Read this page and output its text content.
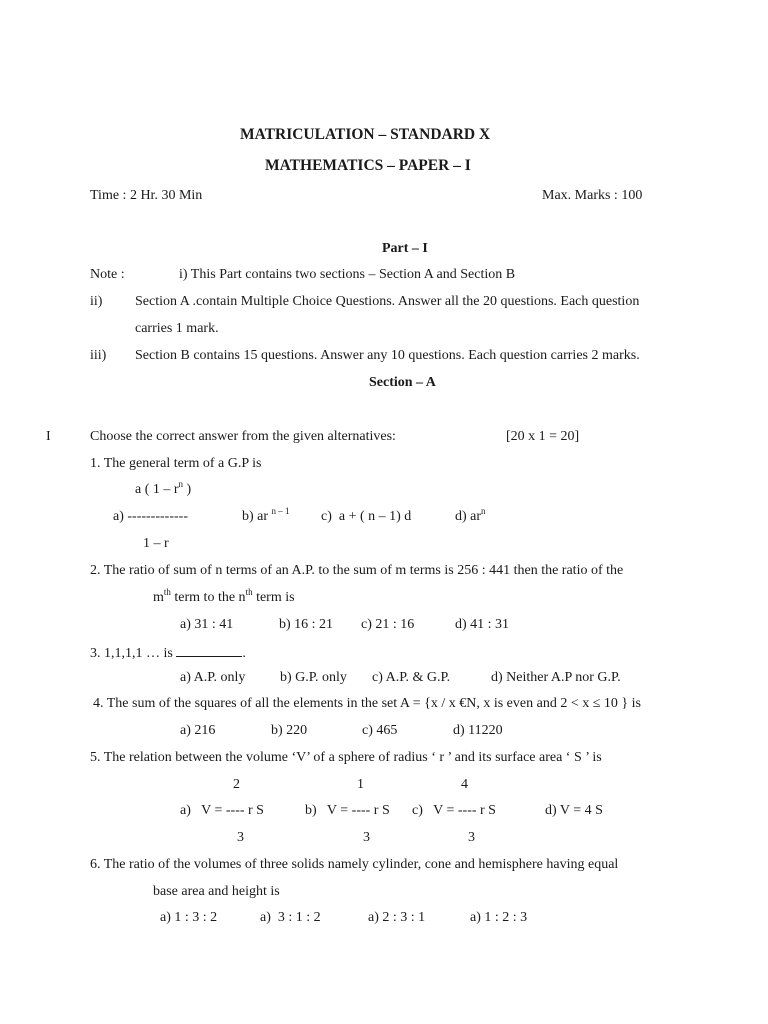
MATRICULATION – STANDARD X
MATHEMATICS – PAPER – I
Time : 2 Hr. 30 Min	Max. Marks : 100
Part – I
Note :	i) This Part contains two sections – Section A and Section B
ii) Section A .contain Multiple Choice Questions. Answer all the 20 questions. Each question
carries 1 mark.
iii) Section B contains 15 questions. Answer any 10 questions. Each question carries 2 marks.
Section – A
I	Choose the correct answer from the given alternatives:	[20 x 1 = 20]
1. The general term of a G.P is
a ( $1 - r^n$ )
a) -------------	b) ar $^{n - 1}$ c)  a + ( n – 1) d	d) $ar^n$
1 – r
2. The ratio of sum of n terms of an A.P. to the sum of m terms is 256 : 441 then the ratio of the
$m^{th}$ term to the $n^{th}$ term is
a) 31 : 41	b) 16 : 21 c) 21 : 16	d) 41 : 31
3. 1,1,1,1 … is	.
a) A.P. only b) G.P. only c) A.P. & G.P.	d) Neither A.P nor G.P.
4. The sum of the squares of all the elements in the set A = {x / x €N, x is even and 2 < x ≤ 10 } is
a) 216	b) 220	c) 465	d) 11220
5. The relation between the volume ‘V’ of a sphere of radius ‘ r ’ and its surface area ‘ S ’ is
2	1	4
a)   V = ---- r S	b)   V = ---- r S c)   V = ---- r S	d) V = 4 S
3	3	3
6. The ratio of the volumes of three solids namely cylinder, cone and hemisphere having equal
base area and height is
a) 1 : 3 : 2	a)  3 : 1 : 2	a) 2 : 3 : 1	a) 1 : 2 : 3
